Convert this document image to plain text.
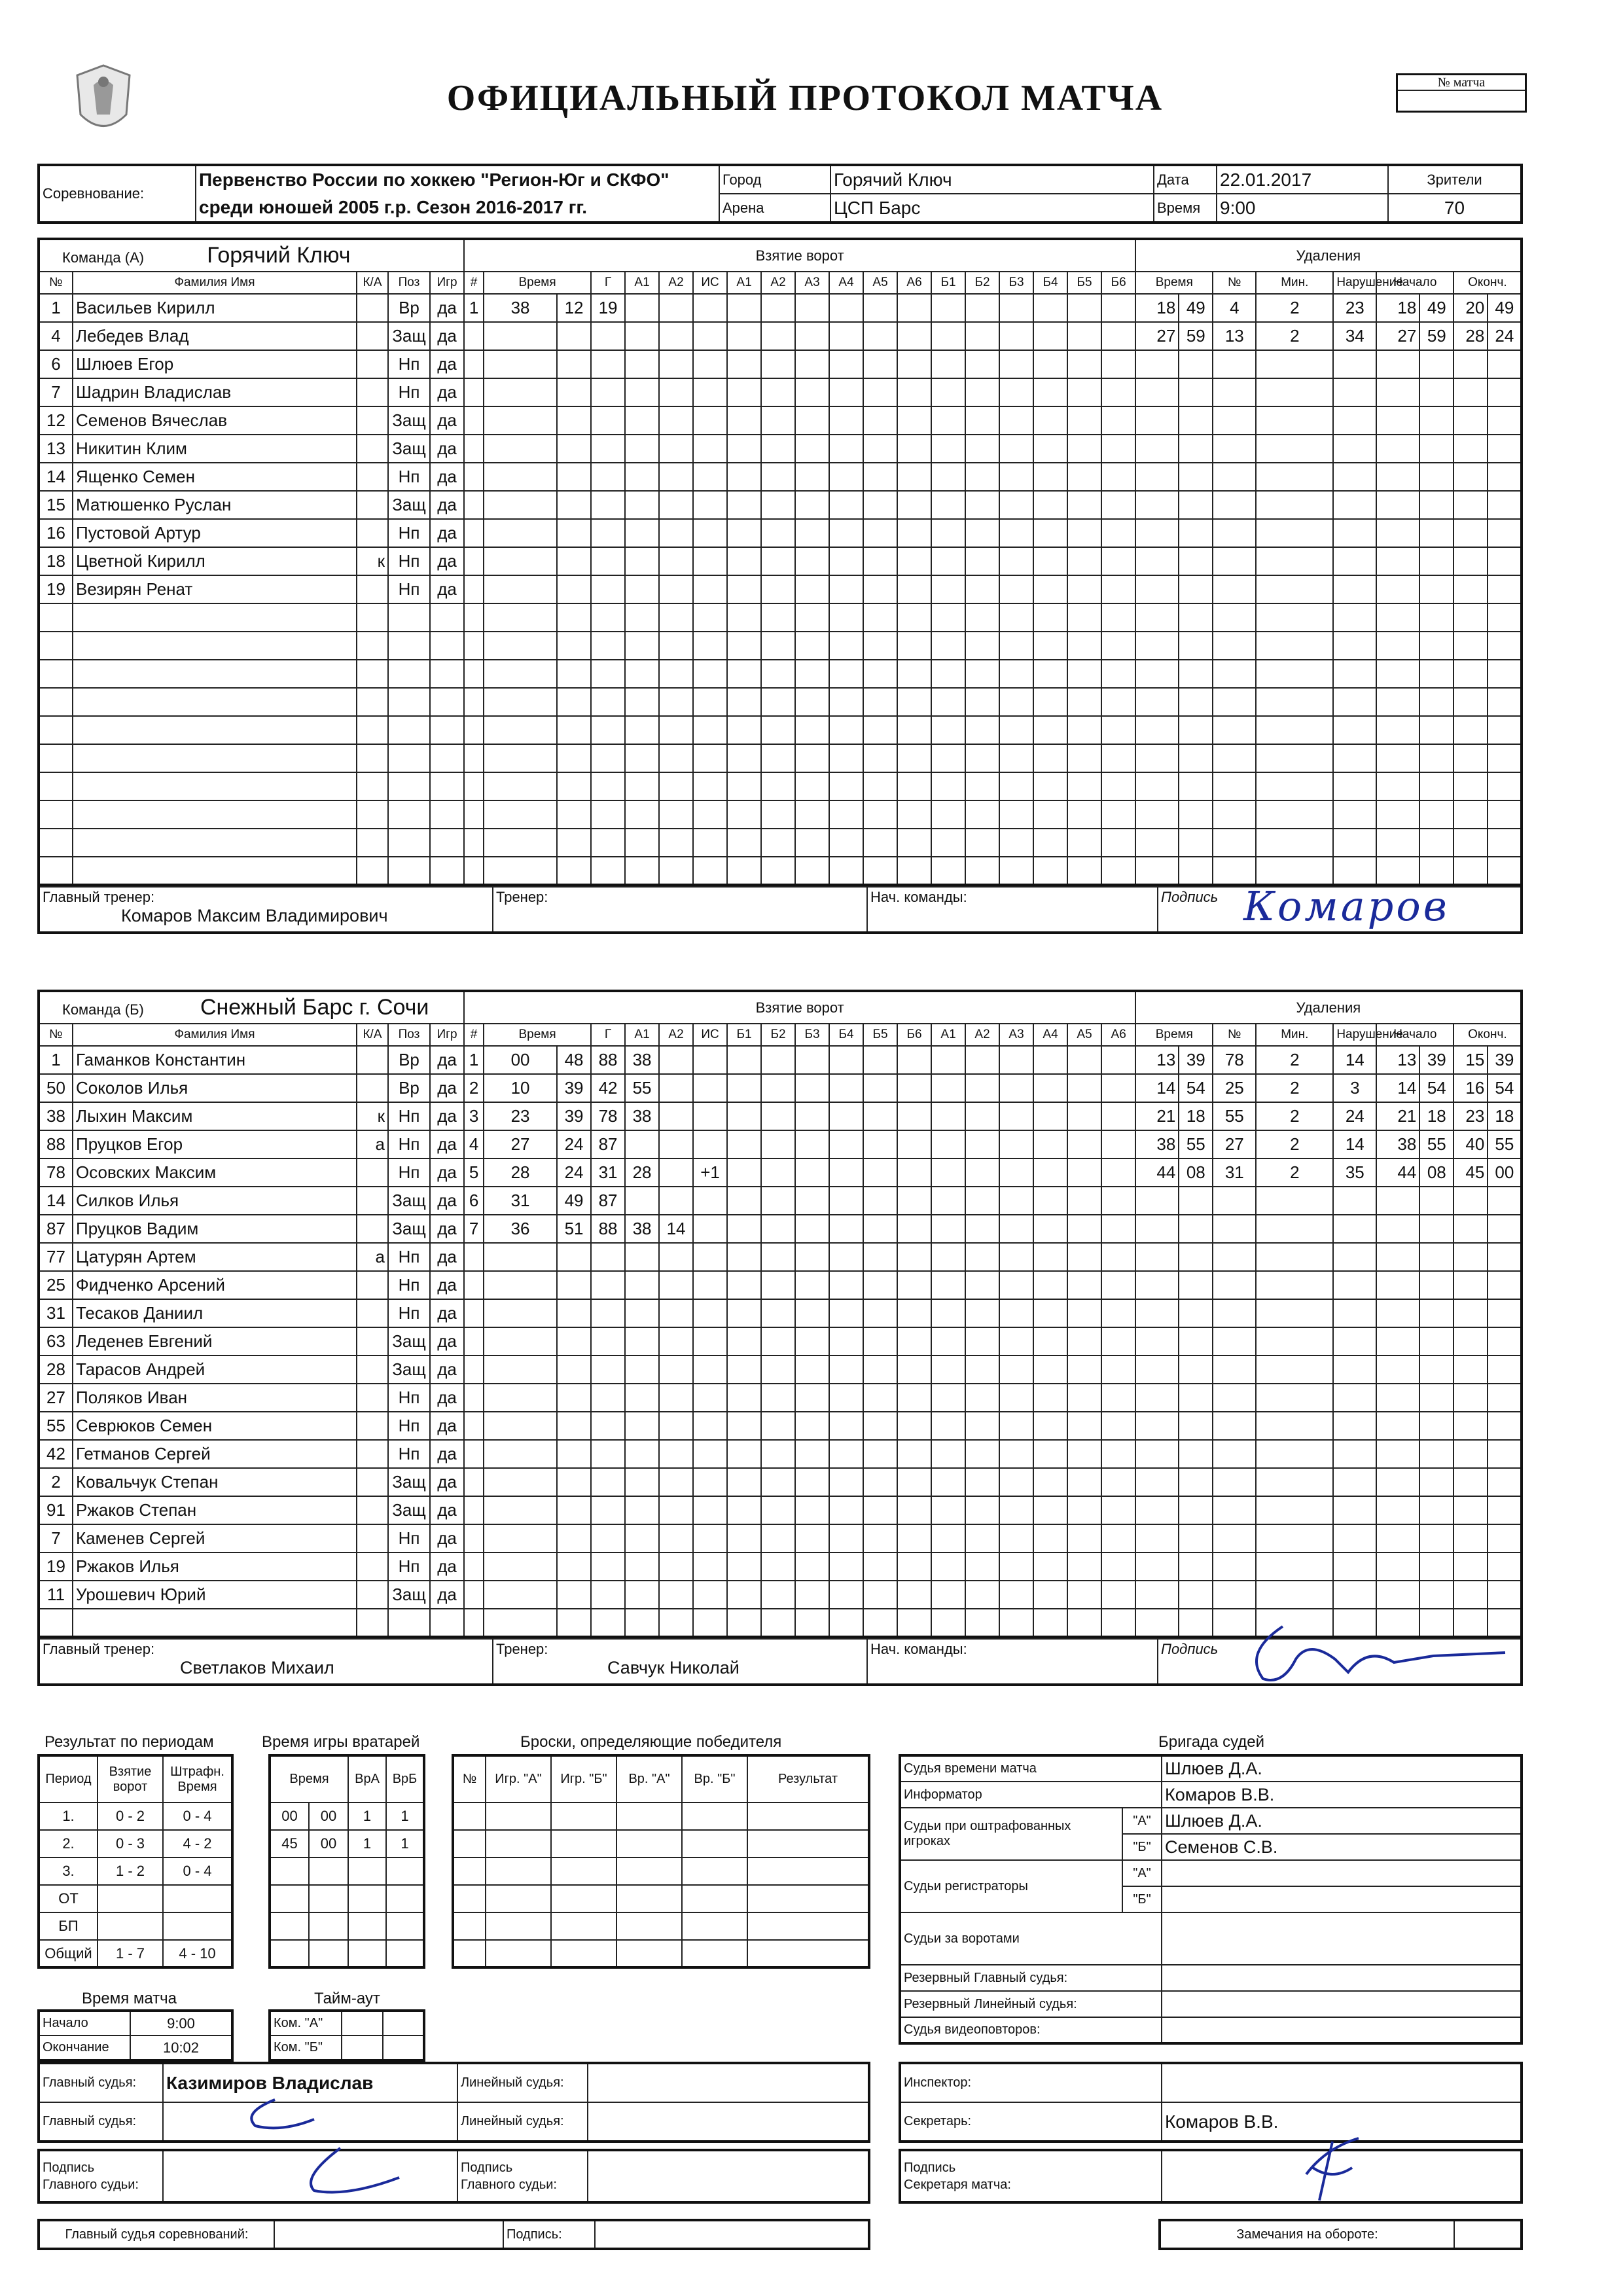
ОФИЦИАЛЬНЫЙ ПРОТОКОЛ МАТЧА	№ матча
Соревнование:	Первенство России по хоккею "Регион-Юг и СКФО"	Город	Горячий Ключ	Дата	22.01.2017	Зрители
	среди юношей 2005 г.р. Сезон 2016-2017 гг.	Арена	ЦСП Барс	Время	9:00	70
Команда (А) Горячий Ключ					Взятие ворот																			Удаления								
№	Фамилия Имя	К/А	Поз	Игр	#	Время		Г	А1	А2	ИС	А1	А2	А3	А4	А5	А6	Б1	Б2	Б3	Б4	Б5	Б6	Время		№	Мин.	Нарушение	Начало		Оконч.	
1	Васильев Кирилл		Вр	да	1	38	12	19																18	49	4	2	23	18	49	20	49
4	Лебедев Влад		Защ	да																				27	59	13	2	34	27	59	28	24
6	Шлюев Егор		Нп	да																												
7	Шадрин Владислав		Нп	да																												
12	Семенов Вячеслав		Защ	да																												
13	Никитин Клим		Защ	да																												
14	Ященко Семен		Нп	да																												
15	Матюшенко Руслан		Защ	да																												
16	Пустовой Артур		Нп	да																												
18	Цветной Кирилл	к	Нп	да																												
19	Везирян Ренат		Нп	да																												

Главный тренер:
Комаров Максим Владимирович

Тренер:	Нач. команды:	Подпись Комаров
Команда (Б) Снежный Барс г. Сочи					Взятие ворот																			Удаления								
№	Фамилия Имя	К/А	Поз	Игр	#	Время		Г	А1	А2	ИС	Б1	Б2	Б3	Б4	Б5	Б6	А1	А2	А3	А4	А5	А6	Время		№	Мин.	Нарушение	Начало		Оконч.	
1	Гаманков Константин		Вр	да	1	00	48	88	38															13	39	78	2	14	13	39	15	39
50	Соколов Илья		Вр	да	2	10	39	42	55															14	54	25	2	3	14	54	16	54
38	Лыхин Максим	к	Нп	да	3	23	39	78	38															21	18	55	2	24	21	18	23	18
88	Пруцков Егор	а	Нп	да	4	27	24	87																38	55	27	2	14	38	55	40	55
78	Осовских Максим		Нп	да	5	28	24	31	28		+1													44	08	31	2	35	44	08	45	00
14	Силков Илья		Защ	да	6	31	49	87																								
87	Пруцков Вадим		Защ	да	7	36	51	88	38	14																						
77	Цатурян Артем	а	Нп	да																												
25	Фидченко Арсений		Нп	да																												
31	Тесаков Даниил		Нп	да																												
63	Леденев Евгений		Защ	да																												
28	Тарасов Андрей		Защ	да																												
27	Поляков Иван		Нп	да																												
55	Севрюков Семен		Нп	да																												
42	Гетманов Сергей		Нп	да																												
2	Ковальчук Степан		Защ	да																												
91	Ржаков Степан		Защ	да																												
7	Каменев Сергей		Нп	да																												
19	Ржаков Илья		Нп	да																												
11	Урошевич Юрий		Защ	да																												

Главный тренер:
Светлаков Михаил

Тренер:
Савчук Николай

Нач. команды:	Подпись
Результат по периодам
Период	Взятие ворот	Штрафн. Время
1.	0 - 2	0 - 4
2.	0 - 3	4 - 2
3.	1 - 2	0 - 4
ОТ		
БП		
Общий	1 - 7	4 - 10
Время игры вратарей
Время		ВрА	ВрБ
00	00	1	1
45	00	1	1

Броски, определяющие победителя
№	Игр. "А"	Игр. "Б"	Вр. "А"	Вр. "Б"	Результат

Время матча
Начало	9:00
Окончание	10:02
Тайм-аут
Ком. "А"		
Ком. "Б"		
Бригада судей
Судья времени матча		Шлюев Д.А.
Информатор		Комаров В.В.
Судьи при оштрафованных игроках	"А"	Шлюев Д.А.
	"Б"	Семенов С.В.
Судьи регистраторы	"А"	
	"Б"	
Судьи за воротами		
Резервный Главный судья:		
Резервный Линейный судья:		
Судья видеоповторов:		
Главный судья:	Казимиров Владислав	Линейный судья:	
Главный судья:		Линейный судья:	
Подпись
Главного судьи:

Подпись
Главного судьи:

Инспектор:	
Секретарь:	Комаров В.В.
Подпись
Секретаря матча:

Главный судья соревнований:		Подпись:		Замечания на обороте:	
